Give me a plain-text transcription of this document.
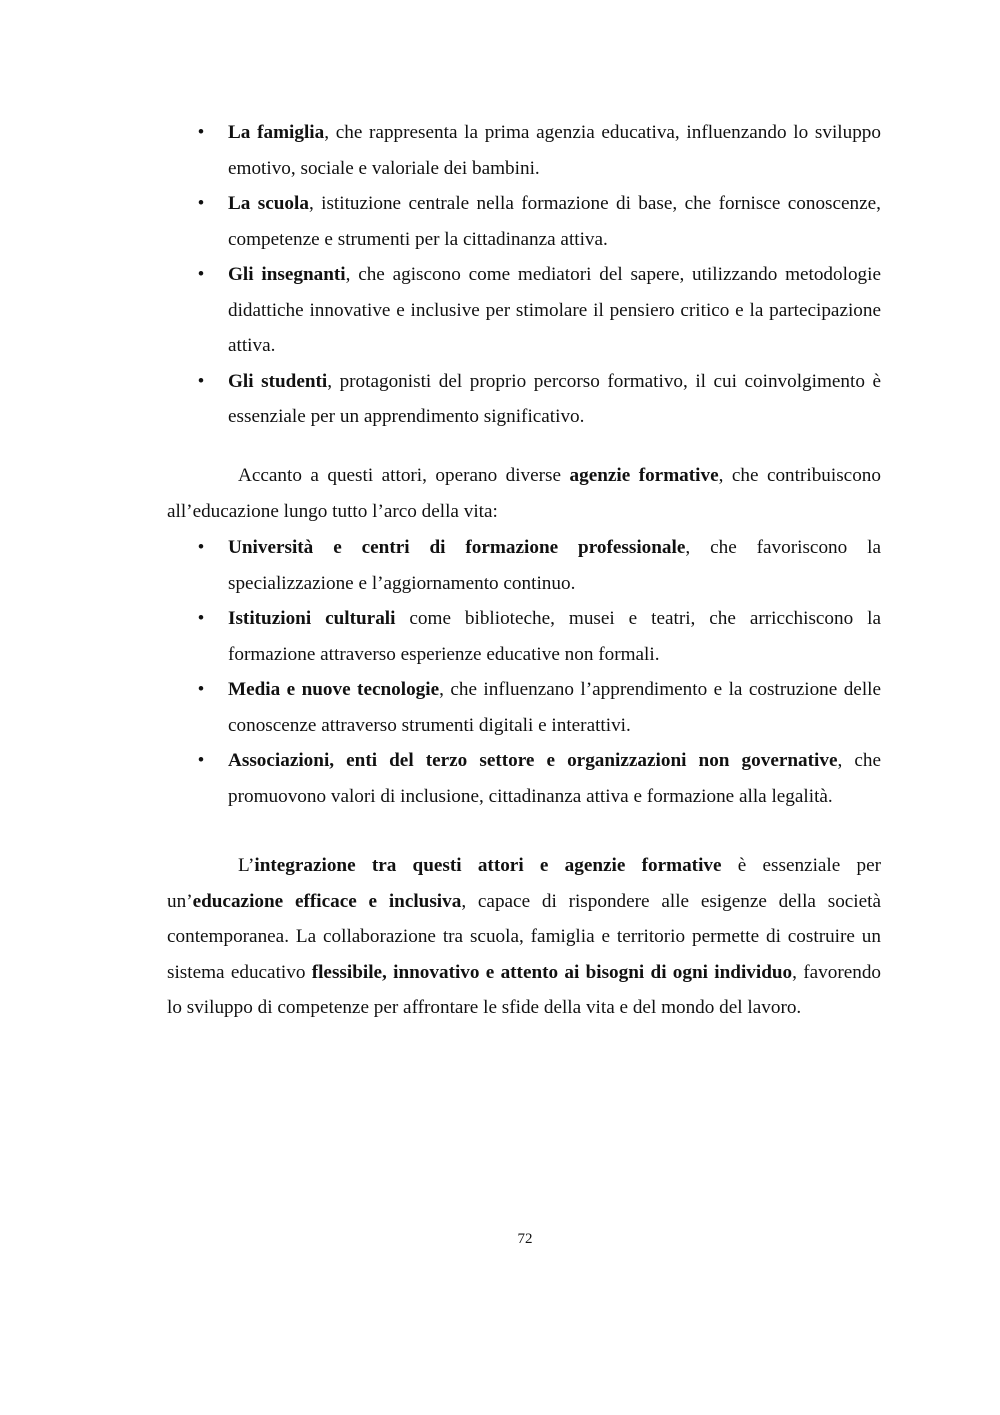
• La famiglia, che rappresenta la prima agenzia educativa, influenzando lo sviluppo emotivo, sociale e valoriale dei bambini.
• La scuola, istituzione centrale nella formazione di base, che fornisce conoscenze, competenze e strumenti per la cittadinanza attiva.
• Gli insegnanti, che agiscono come mediatori del sapere, utilizzando metodologie didattiche innovative e inclusive per stimolare il pensiero critico e la partecipazione attiva.
• Gli studenti, protagonisti del proprio percorso formativo, il cui coinvolgimento è essenziale per un apprendimento significativo.

Accanto a questi attori, operano diverse agenzie formative, che contribuiscono all’educazione lungo tutto l’arco della vita:

• Università e centri di formazione professionale, che favoriscono la specializzazione e l’aggiornamento continuo.
• Istituzioni culturali come biblioteche, musei e teatri, che arricchiscono la formazione attraverso esperienze educative non formali.
• Media e nuove tecnologie, che influenzano l’apprendimento e la costruzione delle conoscenze attraverso strumenti digitali e interattivi.
• Associazioni, enti del terzo settore e organizzazioni non governative, che promuovono valori di inclusione, cittadinanza attiva e formazione alla legalità.

L’integrazione tra questi attori e agenzie formative è essenziale per un’educazione efficace e inclusiva, capace di rispondere alle esigenze della società contemporanea. La collaborazione tra scuola, famiglia e territorio permette di costruire un sistema educativo flessibile, innovativo e attento ai bisogni di ogni individuo, favorendo lo sviluppo di competenze per affrontare le sfide della vita e del mondo del lavoro.

72
